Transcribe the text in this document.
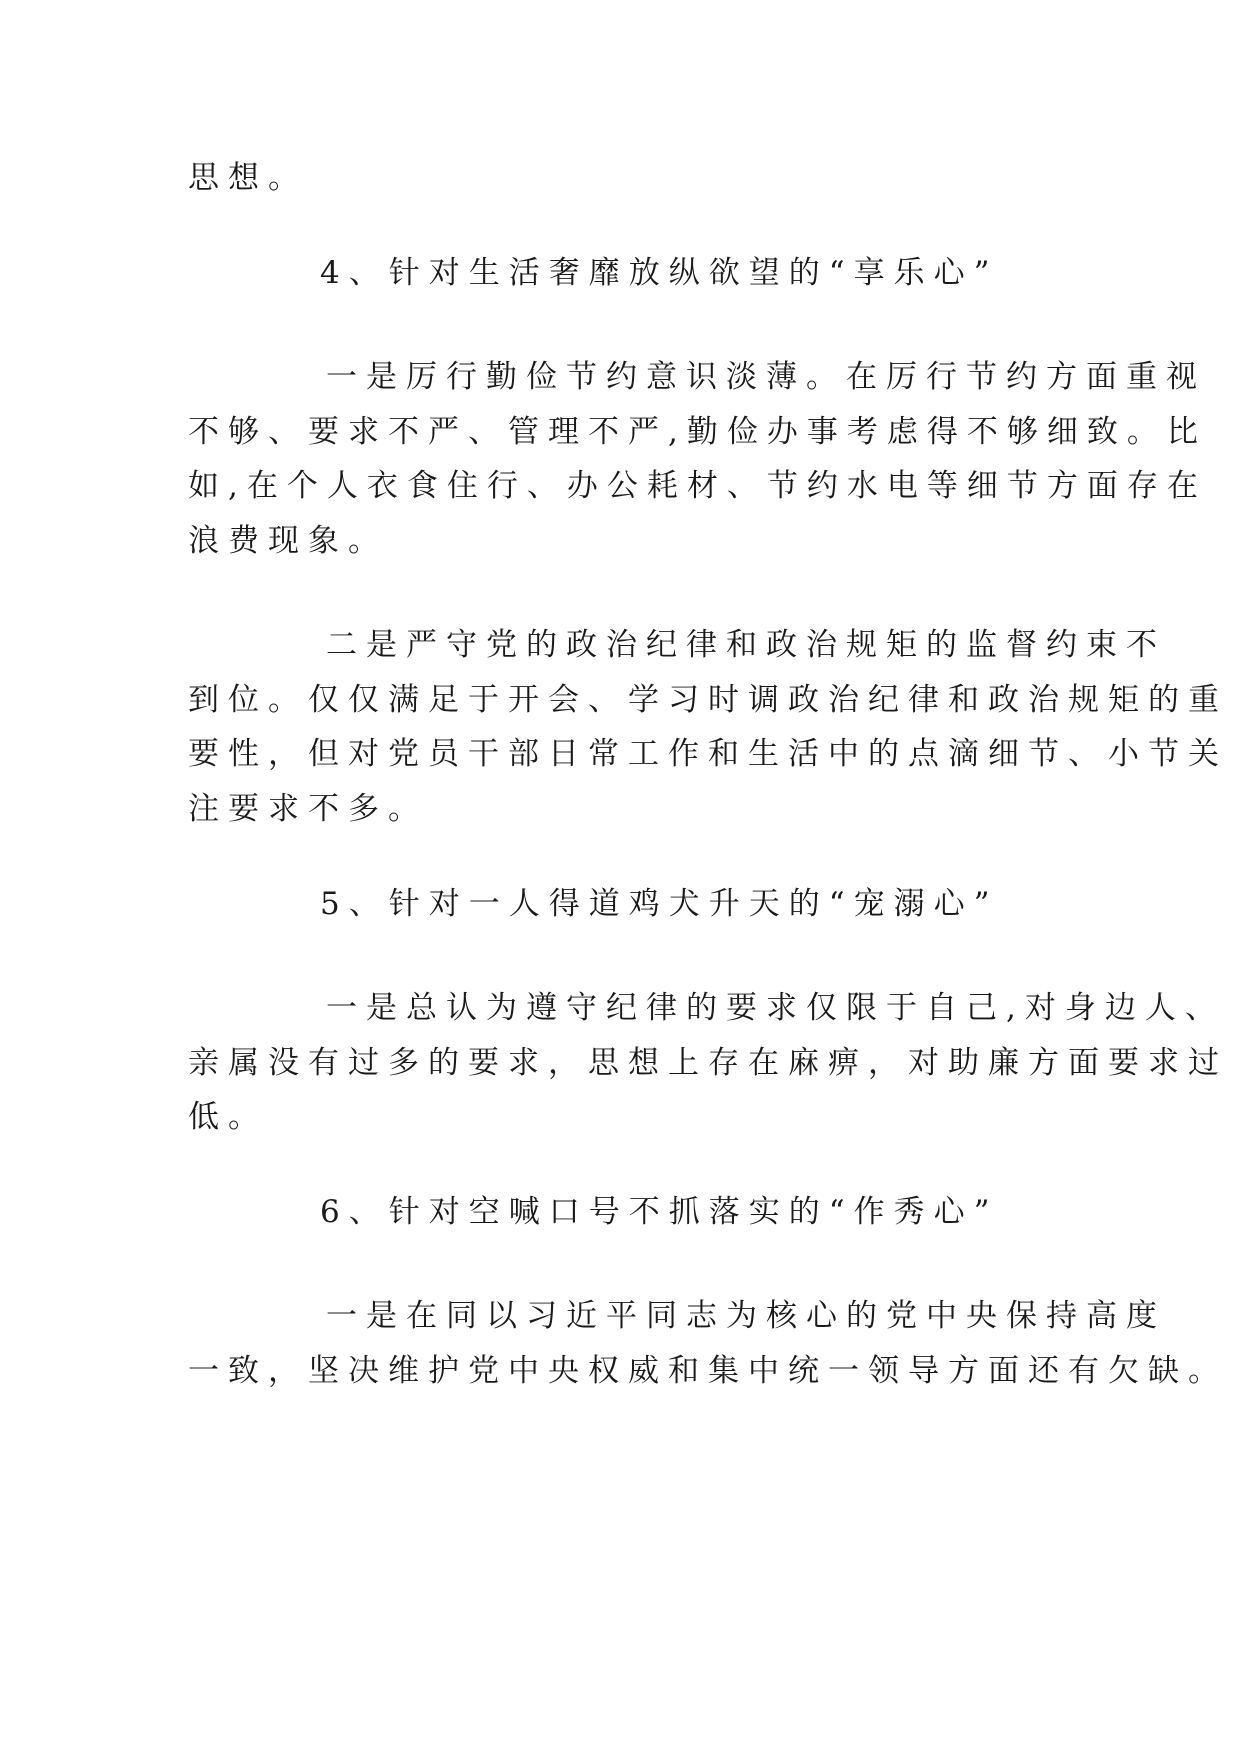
思想。
4、针对生活奢靡放纵欲望的“享乐心”
一是厉行勤俭节约意识淡薄。在厉行节约方面重视
不够、要求不严、管理不严,勤俭办事考虑得不够细致。比
如,在个人衣食住行、办公耗材、节约水电等细节方面存在
浪费现象。
二是严守党的政治纪律和政治规矩的监督约束不
到位。仅仅满足于开会、学习时调政治纪律和政治规矩的重
要性，但对党员干部日常工作和生活中的点滴细节、小节关
注要求不多。
5、针对一人得道鸡犬升天的“宠溺心”
一是总认为遵守纪律的要求仅限于自己,对身边人、
亲属没有过多的要求，思想上存在麻痹，对助廉方面要求过
低。
6、针对空喊口号不抓落实的“作秀心”
一是在同以习近平同志为核心的党中央保持高度
一致，坚决维护党中央权威和集中统一领导方面还有欠缺。
